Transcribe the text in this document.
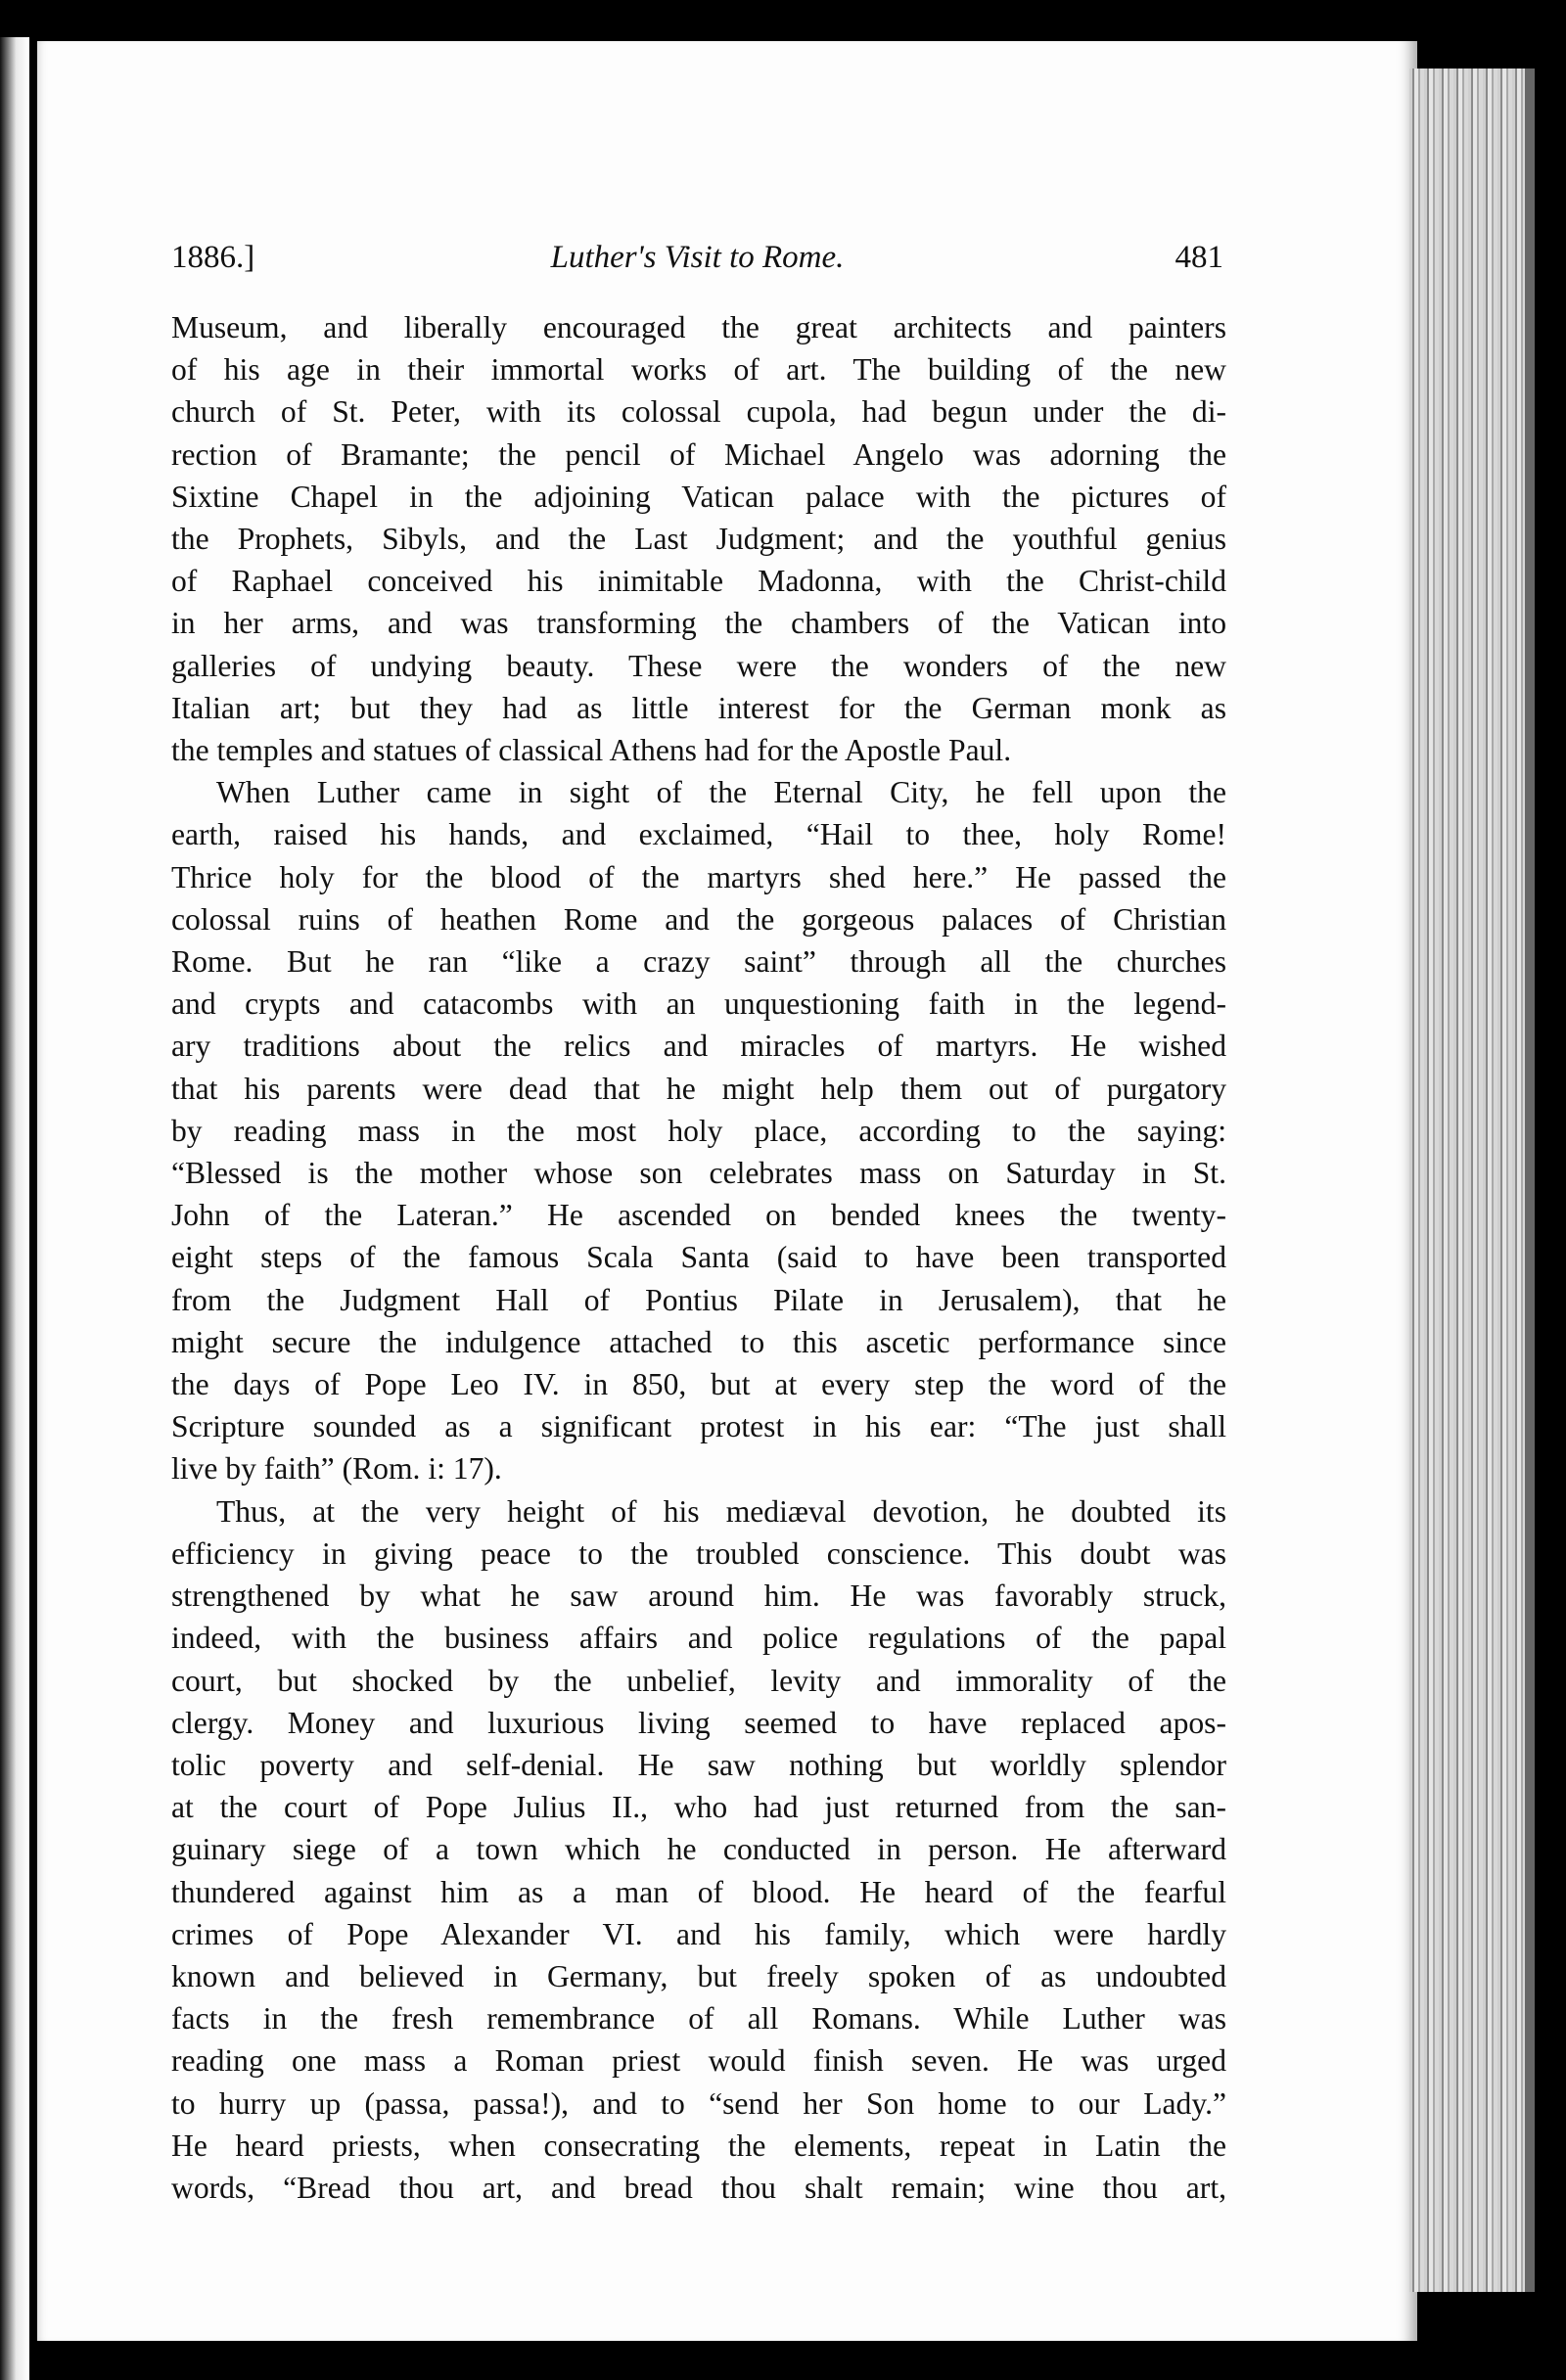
1886.]	Luther's Visit to Rome.	481

Museum, and liberally encouraged the great architects and painters
of his age in their immortal works of art. The building of the new
church of St. Peter, with its colossal cupola, had begun under the di-
rection of Bramante; the pencil of Michael Angelo was adorning the
Sixtine Chapel in the adjoining Vatican palace with the pictures of
the Prophets, Sibyls, and the Last Judgment; and the youthful genius
of Raphael conceived his inimitable Madonna, with the Christ-child
in her arms, and was transforming the chambers of the Vatican into
galleries of undying beauty. These were the wonders of the new
Italian art; but they had as little interest for the German monk as
the temples and statues of classical Athens had for the Apostle Paul.

When Luther came in sight of the Eternal City, he fell upon the
earth, raised his hands, and exclaimed, “Hail to thee, holy Rome!
Thrice holy for the blood of the martyrs shed here.” He passed the
colossal ruins of heathen Rome and the gorgeous palaces of Christian
Rome. But he ran “like a crazy saint” through all the churches
and crypts and catacombs with an unquestioning faith in the legend-
ary traditions about the relics and miracles of martyrs. He wished
that his parents were dead that he might help them out of purgatory
by reading mass in the most holy place, according to the saying:
“Blessed is the mother whose son celebrates mass on Saturday in St.
John of the Lateran.” He ascended on bended knees the twenty-
eight steps of the famous Scala Santa (said to have been transported
from the Judgment Hall of Pontius Pilate in Jerusalem), that he
might secure the indulgence attached to this ascetic performance since
the days of Pope Leo IV. in 850, but at every step the word of the
Scripture sounded as a significant protest in his ear: “The just shall
live by faith” (Rom. i: 17).

Thus, at the very height of his mediæval devotion, he doubted its
efficiency in giving peace to the troubled conscience. This doubt was
strengthened by what he saw around him. He was favorably struck,
indeed, with the business affairs and police regulations of the papal
court, but shocked by the unbelief, levity and immorality of the
clergy. Money and luxurious living seemed to have replaced apos-
tolic poverty and self-denial. He saw nothing but worldly splendor
at the court of Pope Julius II., who had just returned from the san-
guinary siege of a town which he conducted in person. He afterward
thundered against him as a man of blood. He heard of the fearful
crimes of Pope Alexander VI. and his family, which were hardly
known and believed in Germany, but freely spoken of as undoubted
facts in the fresh remembrance of all Romans. While Luther was
reading one mass a Roman priest would finish seven. He was urged
to hurry up (passa, passa!), and to “send her Son home to our Lady.”
He heard priests, when consecrating the elements, repeat in Latin the
words, “Bread thou art, and bread thou shalt remain; wine thou art,
